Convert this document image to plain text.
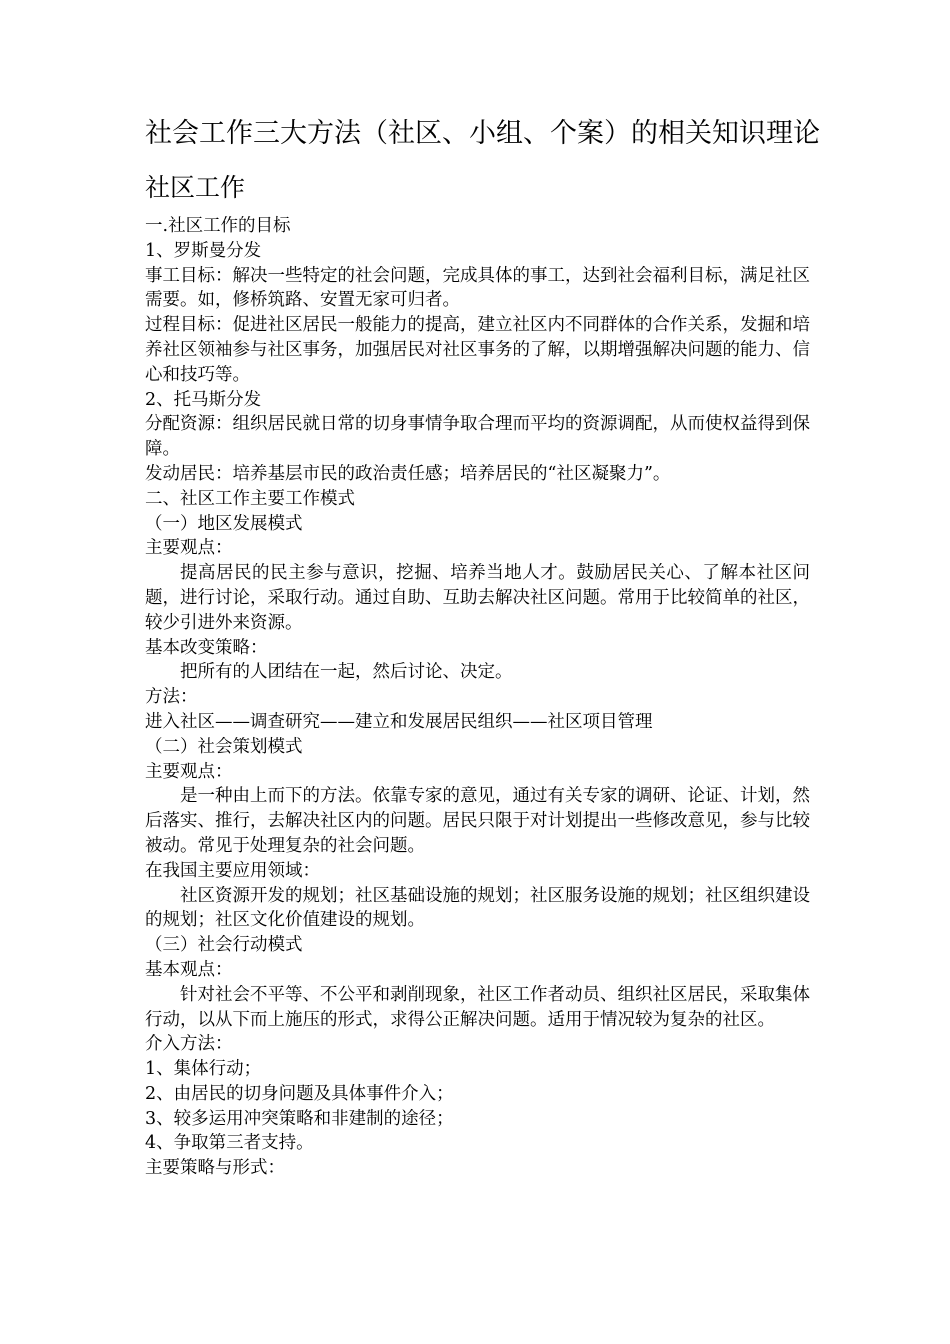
社会工作三大方法（社区、小组、个案）的相关知识理论
社区工作

一.社区工作的目标

1、罗斯曼分发

事工目标：解决一些特定的社会问题，完成具体的事工，达到社会福利目标，满足社区需要。如，修桥筑路、安置无家可归者。

过程目标：促进社区居民一般能力的提高，建立社区内不同群体的合作关系，发掘和培养社区领袖参与社区事务，加强居民对社区事务的了解，以期增强解决问题的能力、信心和技巧等。

2、托马斯分发

分配资源：组织居民就日常的切身事情争取合理而平均的资源调配，从而使权益得到保障。

发动居民：培养基层市民的政治责任感；培养居民的“社区凝聚力”。

二、社区工作主要工作模式

（一）地区发展模式

主要观点：

提高居民的民主参与意识，挖掘、培养当地人才。鼓励居民关心、了解本社区问题，进行讨论，采取行动。通过自助、互助去解决社区问题。常用于比较简单的社区，较少引进外来资源。

基本改变策略：

把所有的人团结在一起，然后讨论、决定。

方法：

进入社区——调查研究——建立和发展居民组织——社区项目管理

（二）社会策划模式

主要观点：

是一种由上而下的方法。依靠专家的意见，通过有关专家的调研、论证、计划，然后落实、推行，去解决社区内的问题。居民只限于对计划提出一些修改意见，参与比较被动。常见于处理复杂的社会问题。

在我国主要应用领域：

社区资源开发的规划；社区基础设施的规划；社区服务设施的规划；社区组织建设的规划；社区文化价值建设的规划。

（三）社会行动模式

基本观点：

针对社会不平等、不公平和剥削现象，社区工作者动员、组织社区居民，采取集体行动，以从下而上施压的形式，求得公正解决问题。适用于情况较为复杂的社区。

介入方法：

1、集体行动；

2、由居民的切身问题及具体事件介入；

3、较多运用冲突策略和非建制的途径；

4、争取第三者支持。

主要策略与形式：
